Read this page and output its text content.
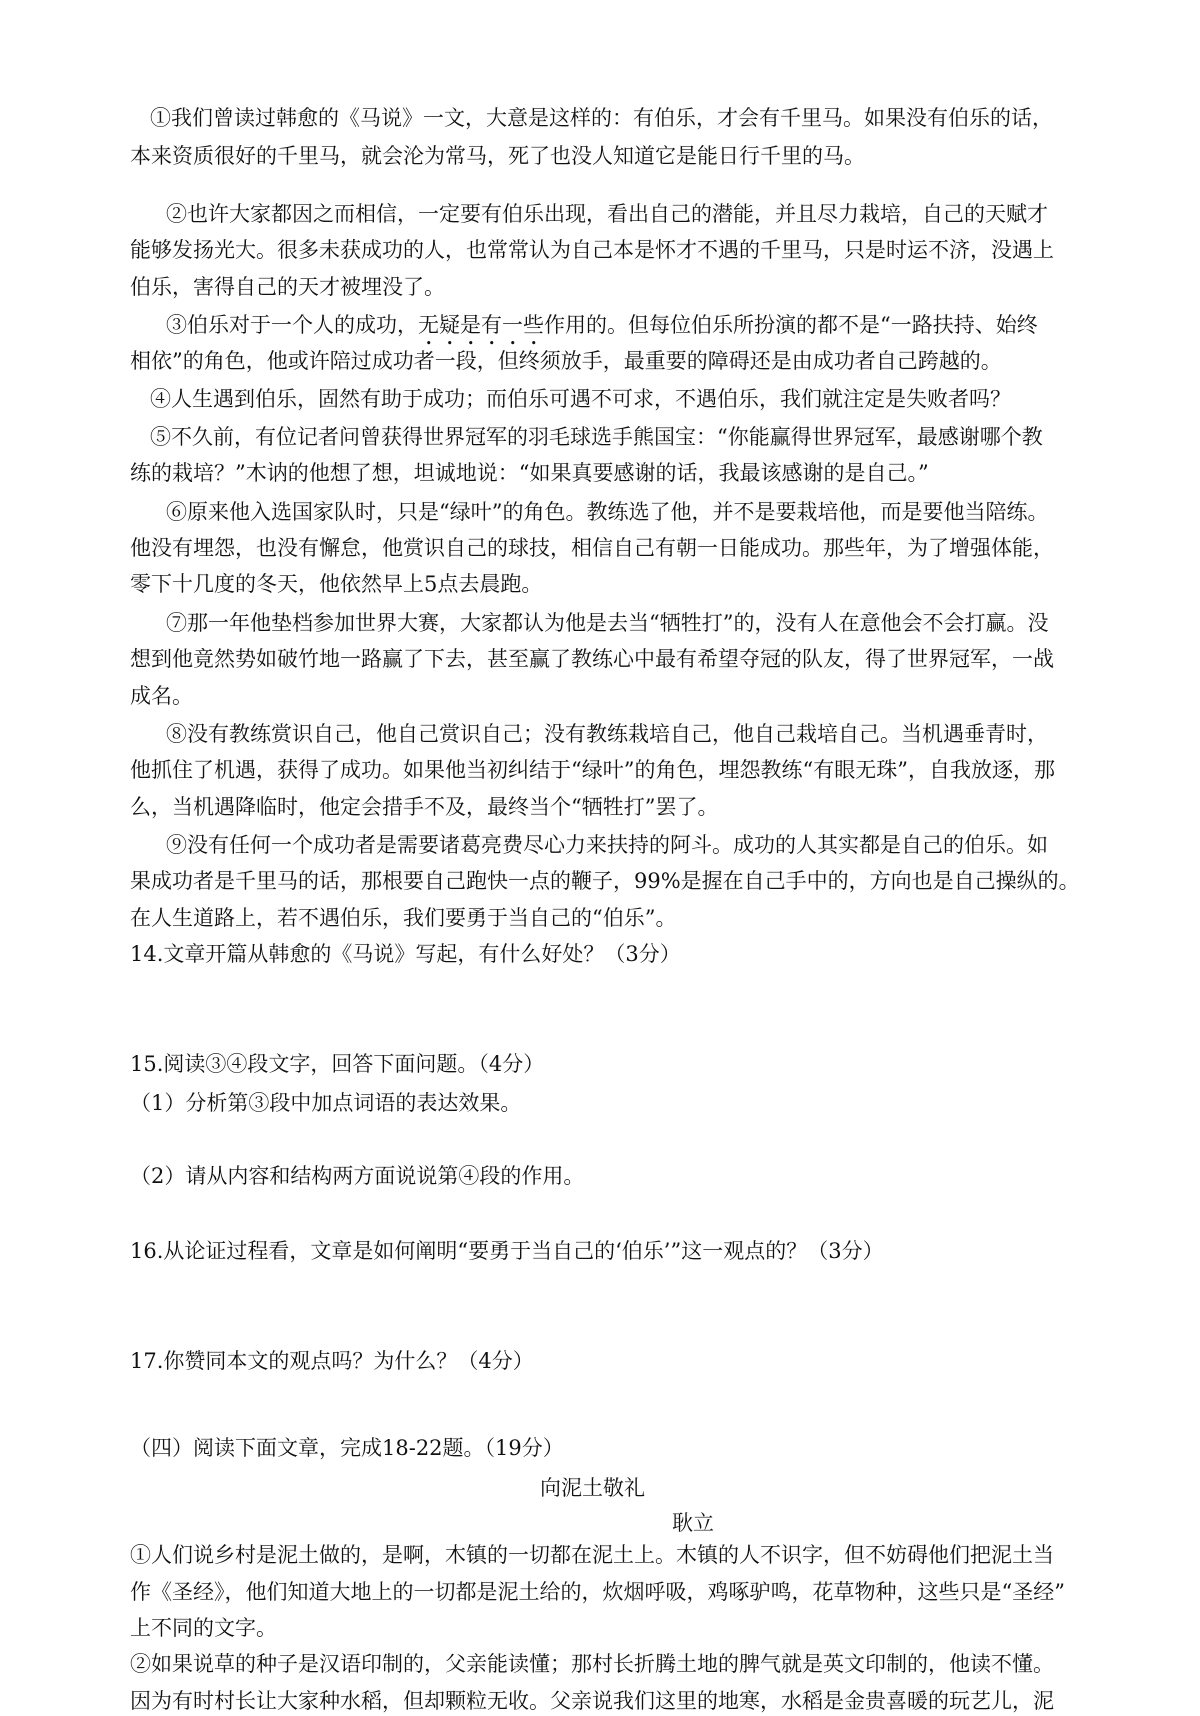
①我们曾读过韩愈的《马说》一文，大意是这样的：有伯乐，才会有千里马。如果没有伯乐的话，
本来资质很好的千里马，就会沦为常马，死了也没人知道它是能日行千里的马。
②也许大家都因之而相信，一定要有伯乐出现，看出自己的潜能，并且尽力栽培，自己的天赋才
能够发扬光大。很多未获成功的人，也常常认为自己本是怀才不遇的千里马，只是时运不济，没遇上
伯乐，害得自己的天才被埋没了。
③伯乐对于一个人的成功，无疑是有一些作用的。但每位伯乐所扮演的都不是“一路扶持、始终
相依”的角色，他或许陪过成功者一段，但终须放手，最重要的障碍还是由成功者自己跨越的。
④人生遇到伯乐，固然有助于成功；而伯乐可遇不可求，不遇伯乐，我们就注定是失败者吗？
⑤不久前，有位记者问曾获得世界冠军的羽毛球选手熊国宝：“你能赢得世界冠军，最感谢哪个教
练的栽培？”木讷的他想了想，坦诚地说：“如果真要感谢的话，我最该感谢的是自己。”
⑥原来他入选国家队时，只是“绿叶”的角色。教练选了他，并不是要栽培他，而是要他当陪练。
他没有埋怨，也没有懈怠，他赏识自己的球技，相信自己有朝一日能成功。那些年，为了增强体能，
零下十几度的冬天，他依然早上5点去晨跑。
⑦那一年他垫档参加世界大赛，大家都认为他是去当“牺牲打”的，没有人在意他会不会打赢。没
想到他竟然势如破竹地一路赢了下去，甚至赢了教练心中最有希望夺冠的队友，得了世界冠军，一战
成名。
⑧没有教练赏识自己，他自己赏识自己；没有教练栽培自己，他自己栽培自己。当机遇垂青时，
他抓住了机遇，获得了成功。如果他当初纠结于“绿叶”的角色，埋怨教练“有眼无珠”，自我放逐，那
么，当机遇降临时，他定会措手不及，最终当个“牺牲打”罢了。
⑨没有任何一个成功者是需要诸葛亮费尽心力来扶持的阿斗。成功的人其实都是自己的伯乐。如
果成功者是千里马的话，那根要自己跑快一点的鞭子，99%是握在自己手中的，方向也是自己操纵的。
在人生道路上，若不遇伯乐，我们要勇于当自己的“伯乐”。
14.文章开篇从韩愈的《马说》写起，有什么好处？（3分）
15.阅读③④段文字，回答下面问题。（4分）
（1）分析第③段中加点词语的表达效果。
（2）请从内容和结构两方面说说第④段的作用。
16.从论证过程看，文章是如何阐明“要勇于当自己的‘伯乐’”这一观点的？（3分）
17.你赞同本文的观点吗？为什么？（4分）
（四）阅读下面文章，完成18-22题。（19分）
向泥土敬礼
耿立
①人们说乡村是泥土做的，是啊，木镇的一切都在泥土上。木镇的人不识字，但不妨碍他们把泥土当
作《圣经》，他们知道大地上的一切都是泥土给的，炊烟呼吸，鸡啄驴鸣，花草物种，这些只是“圣经”
上不同的文字。
②如果说草的种子是汉语印制的，父亲能读懂；那村长折腾土地的脾气就是英文印制的，他读不懂。
因为有时村长让大家种水稻，但却颗粒无收。父亲说我们这里的地寒，水稻是金贵喜暖的玩艺儿，泥
